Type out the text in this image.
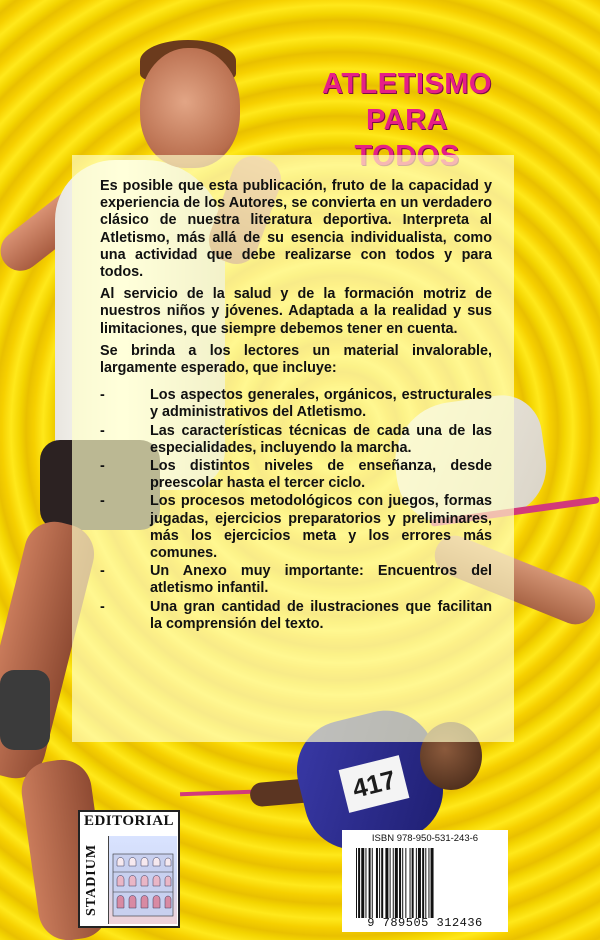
417
ATLETISMO
PARA

Es posible que esta publicación, fruto de la capacidad y experiencia de los Autores, se convierta en un verdadero clásico de nuestra literatura deportiva. Interpreta al Atletismo, más allá de su esencia individualista, como una actividad que debe realizarse con todos y para todos.

Al servicio de la salud y de la formación motriz de nuestros niños y jóvenes. Adaptada a la realidad y sus limitaciones, que siempre debemos tener en cuenta.

Se brinda a los lectores un material invalorable, largamente esperado, que incluye:

- Los aspectos generales, orgánicos, estructurales y administrativos del Atletismo.
- Las características técnicas de cada una de las especialidades, incluyendo la marcha.
- Los distintos niveles de enseñanza, desde preescolar hasta el tercer ciclo.
- Los procesos metodológicos con juegos, formas jugadas, ejercicios preparatorios y preliminares, más los ejercicios meta y los errores más comunes.
- Un Anexo muy importante: Encuentros del atletismo infantil.
- Una gran cantidad de ilustraciones que facilitan la comprensión del texto.
EDITORIAL
STADIUM
ISBN 978-950-531-243-6
9 789505 312436
